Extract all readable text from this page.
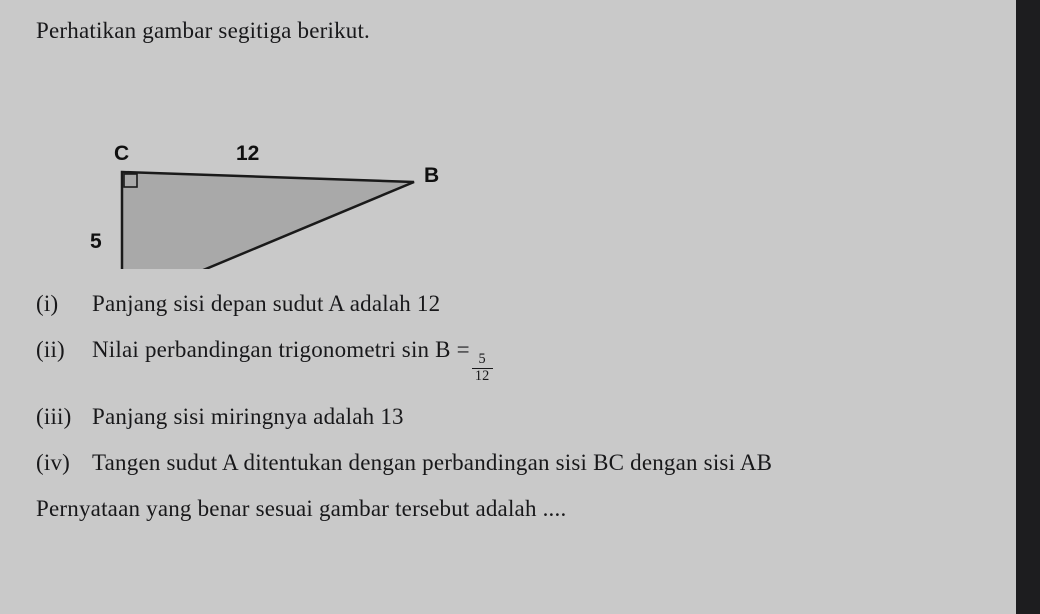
Perhatikan gambar segitiga berikut.

C
B
12
5
(i)	Panjang sisi depan sudut A adalah 12
(ii)	Nilai perbandingan trigonometri sin B =
$\frac{5}{12}$
(iii) Panjang sisi miringnya adalah 13
(iv) Tangen sudut A ditentukan dengan perbandingan sisi BC dengan sisi AB

Pernyataan yang benar sesuai gambar tersebut adalah ....
